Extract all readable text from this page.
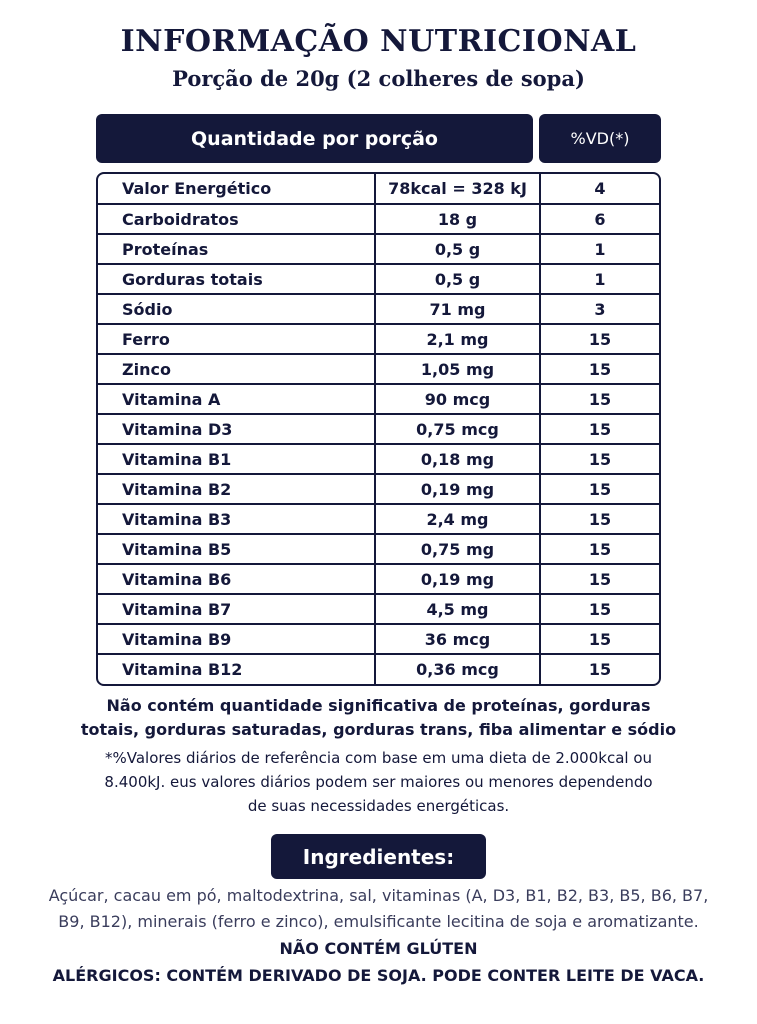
INFORMAÇÃO NUTRICIONAL
Porção de 20g (2 colheres de sopa)
Quantidade por porção	%VD(*)
Valor Energético	78kcal = 328 kJ	4
Carboidratos	18 g	6
Proteínas	0,5 g	1
Gorduras totais	0,5 g	1
Sódio	71 mg	3
Ferro	2,1 mg	15
Zinco	1,05 mg	15
Vitamina A	90 mcg	15
Vitamina D3	0,75 mcg	15
Vitamina B1	0,18 mg	15
Vitamina B2	0,19 mg	15
Vitamina B3	2,4 mg	15
Vitamina B5	0,75 mg	15
Vitamina B6	0,19 mg	15
Vitamina B7	4,5 mg	15
Vitamina B9	36 mcg	15
Vitamina B12	0,36 mcg	15
Não contém quantidade significativa de proteínas, gorduras
totais, gorduras saturadas, gorduras trans, fiba alimentar e sódio
*%Valores diários de referência com base em uma dieta de 2.000kcal ou
8.400kJ. eus valores diários podem ser maiores ou menores dependendo
de suas necessidades energéticas.
Ingredientes:
Açúcar, cacau em pó, maltodextrina, sal, vitaminas (A, D3, B1, B2, B3, B5, B6, B7,
B9, B12), minerais (ferro e zinco), emulsificante lecitina de soja e aromatizante.
NÃO CONTÉM GLÚTEN
ALÉRGICOS: CONTÉM DERIVADO DE SOJA. PODE CONTER LEITE DE VACA.
